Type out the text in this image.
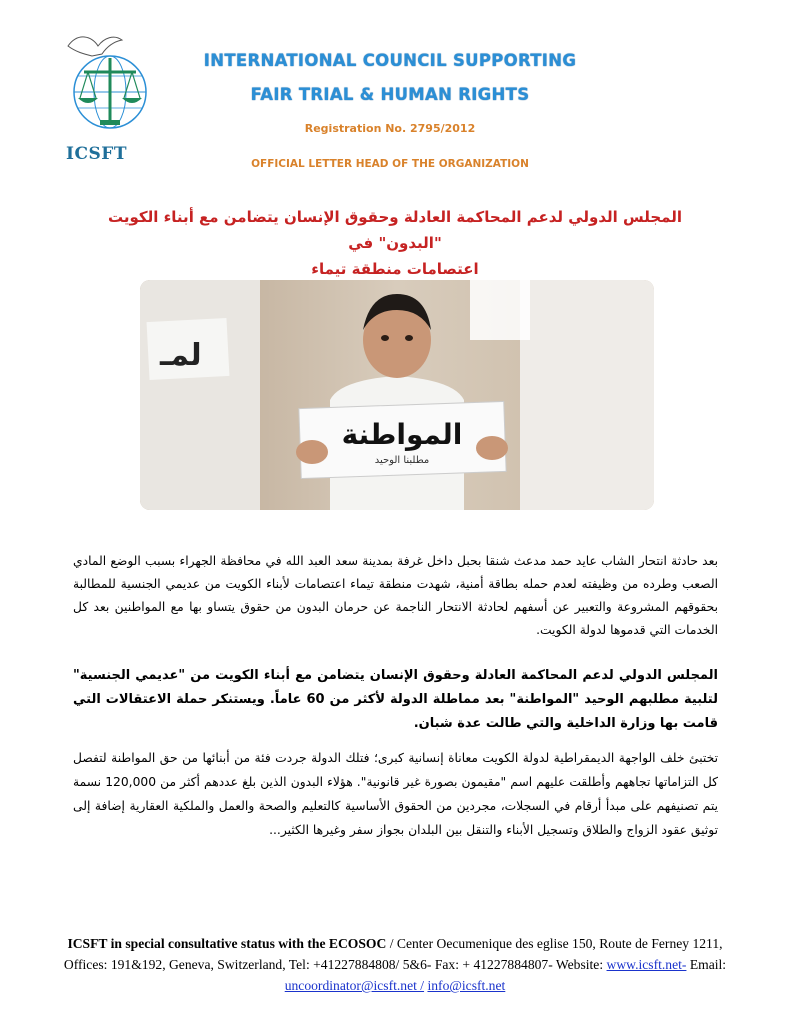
ICSFT
INTERNATIONAL COUNCIL SUPPORTING
FAIR TRIAL & HUMAN RIGHTS
Registration No. 2795/2012
OFFICIAL LETTER HEAD OF THE ORGANIZATION
المجلس الدولي لدعم المحاكمة العادلة وحقوق الإنسان يتضامن مع أبناء الكويت "البدون" في
اعتصامات منطقة تيماء
لمـ
المواطنة
مطلبنا الوحيد
بعد حادثة انتحار الشاب عايد حمد مدعث شنقا بحبل داخل غرفة بمدينة سعد العبد الله في محافظة الجهراء بسبب الوضع المادي الصعب وطرده من وظيفته لعدم حمله بطاقة أمنية، شهدت منطقة تيماء اعتصامات لأبناء الكويت من عديمي الجنسية للمطالبة بحقوقهم المشروعة والتعبير عن أسفهم لحادثة الانتحار الناجمة عن حرمان البدون من حقوق يتساو بها مع المواطنين بعد كل الخدمات التي قدموها لدولة الكويت.
المجلس الدولي لدعم المحاكمة العادلة وحقوق الإنسان يتضامن مع أبناء الكويت من "عديمي الجنسية" لتلبية مطلبهم الوحيد "المواطنة" بعد مماطلة الدولة لأكثر من 60 عاماً. ويستنكر حملة الاعتقالات التي قامت بها وزارة الداخلية والتي طالت عدة شبان.
تختبئ خلف الواجهة الديمقراطية لدولة الكويت معاناة إنسانية كبرى؛ فتلك الدولة جردت فئة من أبنائها من حق المواطنة لتفصل كل التزاماتها تجاههم وأطلقت عليهم اسم "مقيمون بصورة غير قانونية". هؤلاء البدون الذين بلغ عددهم أكثر من 120,000 نسمة يتم تصنيفهم على مبدأ أرقام في السجلات، مجردين من الحقوق الأساسية كالتعليم والصحة والعمل والملكية العقارية إضافة إلى توثيق عقود الزواج والطلاق وتسجيل الأبناء والتنقل بين البلدان بجواز سفر وغيرها الكثير...
ICSFT in special consultative status with the ECOSOC / Center Oecumenique des eglise 150, Route de Ferney 1211, Offices: 191&192, Geneva, Switzerland, Tel: +41227884808/ 5&6- Fax: + 41227884807- Website: www.icsft.net- Email: uncoordinator@icsft.net / info@icsft.net
